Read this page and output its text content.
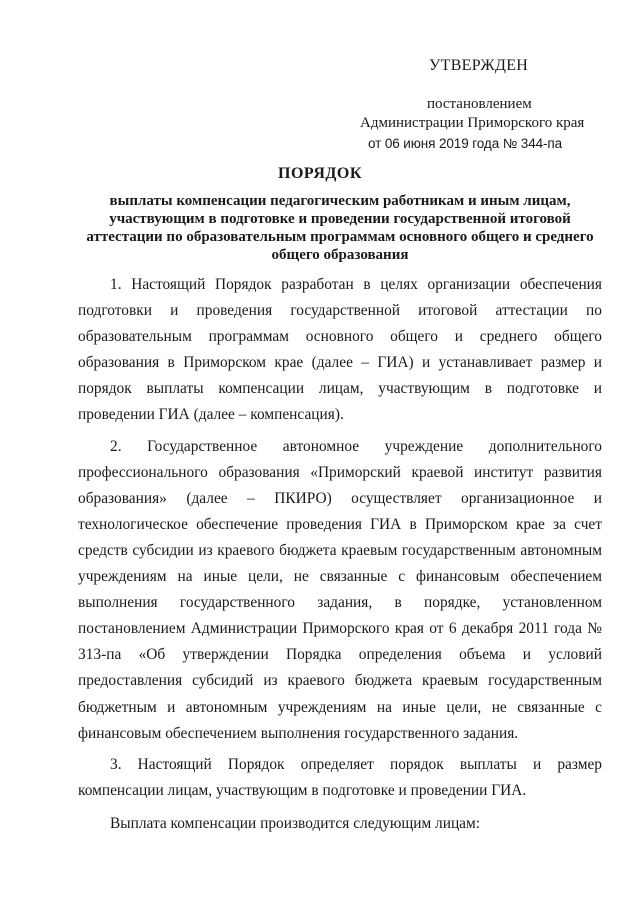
УТВЕРЖДЕН
постановлением
Администрации Приморского края
от 06 июня 2019 года № 344-па
ПОРЯДОК
выплаты компенсации педагогическим работникам и иным лицам, участвующим в подготовке и проведении государственной итоговой аттестации по образовательным программам основного общего и среднего общего образования

1. Настоящий Порядок разработан в целях организации обеспечения подготовки и проведения государственной итоговой аттестации по образовательным программам основного общего и среднего общего образования в Приморском крае (далее – ГИА) и устанавливает размер и порядок выплаты компенсации лицам, участвующим в подготовке и проведении ГИА (далее – компенсация).

2. Государственное автономное учреждение дополнительного профессионального образования «Приморский краевой институт развития образования» (далее – ПКИРО) осуществляет организационное и технологическое обеспечение проведения ГИА в Приморском крае за счет средств субсидии из краевого бюджета краевым государственным автономным учреждениям на иные цели, не связанные с финансовым обеспечением выполнения государственного задания, в порядке, установленном постановлением Администрации Приморского края от 6 декабря 2011 года № 313-па «Об утверждении Порядка определения объема и условий предоставления субсидий из краевого бюджета краевым государственным бюджетным и автономным учреждениям на иные цели, не связанные с финансовым обеспечением выполнения государственного задания.

3. Настоящий Порядок определяет порядок выплаты и размер компенсации лицам, участвующим в подготовке и проведении ГИА.

Выплата компенсации производится следующим лицам:
